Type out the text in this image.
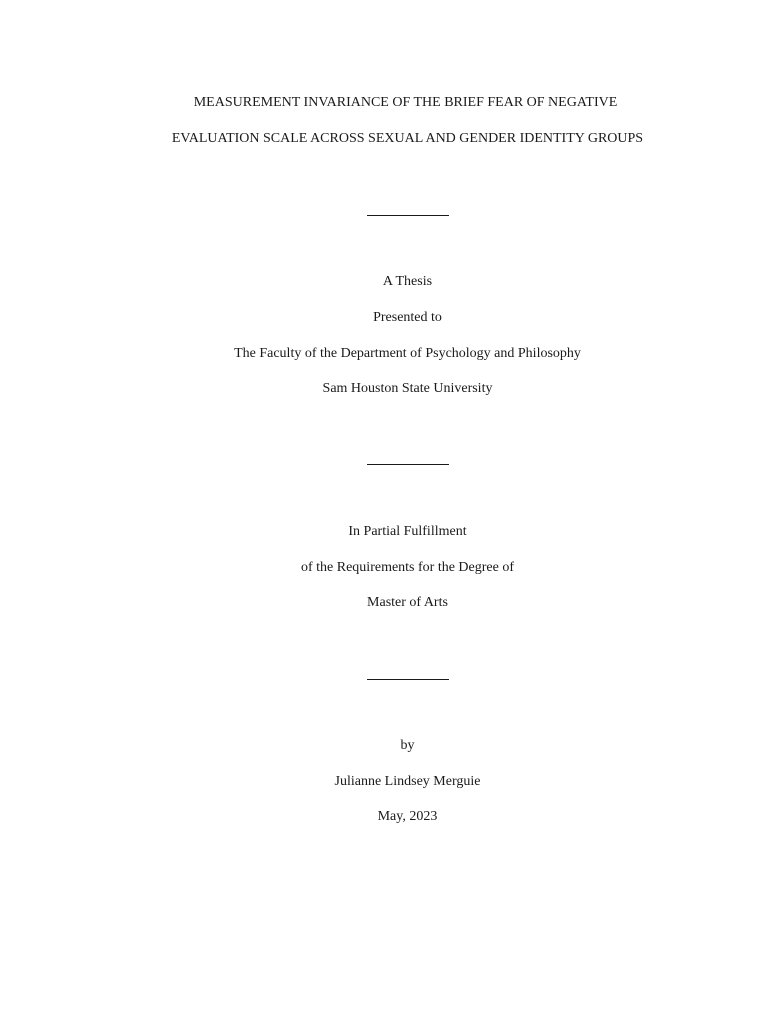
MEASUREMENT INVARIANCE OF THE BRIEF FEAR OF NEGATIVE
EVALUATION SCALE ACROSS SEXUAL AND GENDER IDENTITY GROUPS
A Thesis
Presented to
The Faculty of the Department of Psychology and Philosophy
Sam Houston State University
In Partial Fulfillment
of the Requirements for the Degree of
Master of Arts
by
Julianne Lindsey Merguie
May, 2023
